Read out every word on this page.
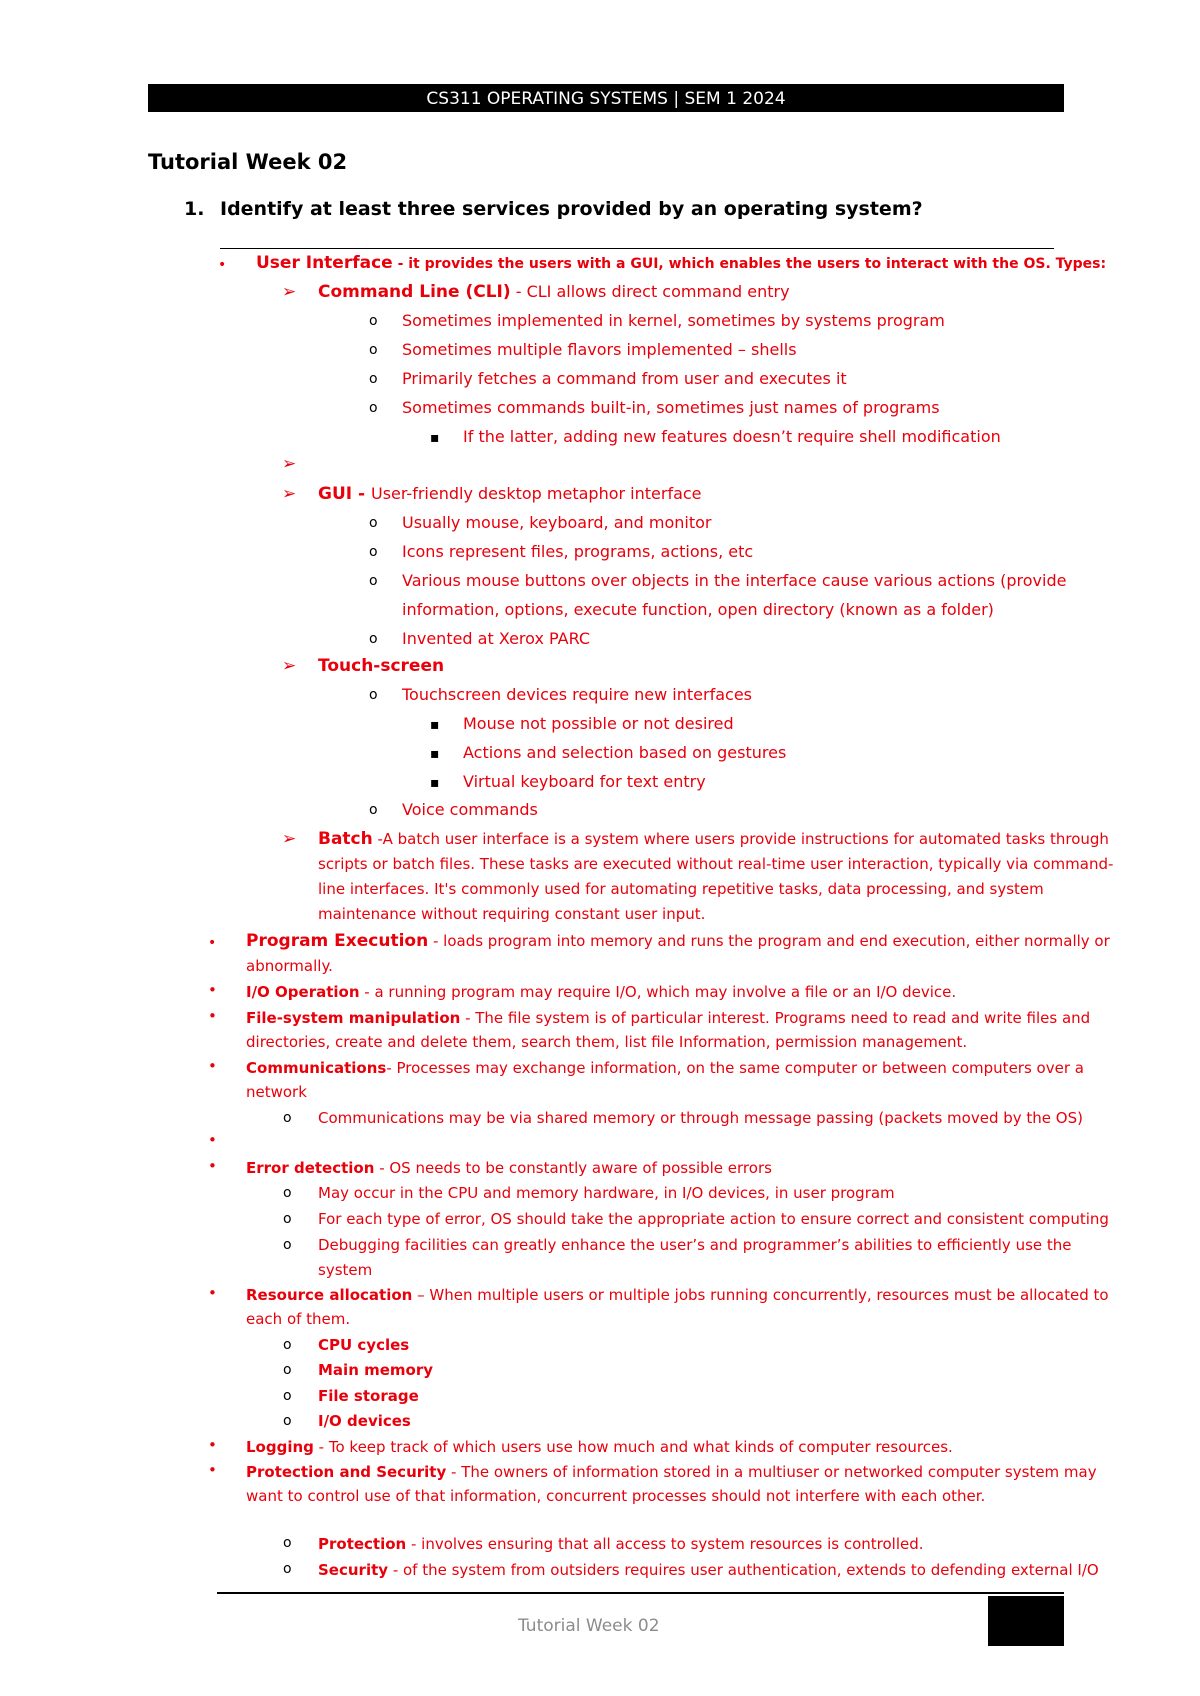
CS311 OPERATING SYSTEMS | SEM 1 2024
Tutorial Week 02
1. Identify at least three services provided by an operating system?
• User Interface - it provides the users with a GUI, which enables the users to interact with the OS. Types:
➢ Command Line (CLI) - CLI allows direct command entry
o Sometimes implemented in kernel, sometimes by systems program
o Sometimes multiple flavors implemented – shells
o Primarily fetches a command from user and executes it
o Sometimes commands built-in, sometimes just names of programs
▪ If the latter, adding new features doesn’t require shell modification
➢
➢ GUI - User-friendly desktop metaphor interface
o Usually mouse, keyboard, and monitor
o Icons represent files, programs, actions, etc
o Various mouse buttons over objects in the interface cause various actions (provide
information, options, execute function, open directory (known as a folder)
o Invented at Xerox PARC
➢ Touch-screen
o Touchscreen devices require new interfaces
▪ Mouse not possible or not desired
▪ Actions and selection based on gestures
▪ Virtual keyboard for text entry
o Voice commands
➢ Batch -A batch user interface is a system where users provide instructions for automated tasks through
scripts or batch files. These tasks are executed without real-time user interaction, typically via command-
line interfaces. It's commonly used for automating repetitive tasks, data processing, and system
maintenance without requiring constant user input.
• Program Execution - loads program into memory and runs the program and end execution, either normally or
abnormally.
• I/O Operation - a running program may require I/O, which may involve a file or an I/O device.
• File-system manipulation - The file system is of particular interest. Programs need to read and write files and
directories, create and delete them, search them, list file Information, permission management.
• Communications- Processes may exchange information, on the same computer or between computers over a
network
o Communications may be via shared memory or through message passing (packets moved by the OS)
•
• Error detection - OS needs to be constantly aware of possible errors
o May occur in the CPU and memory hardware, in I/O devices, in user program
o For each type of error, OS should take the appropriate action to ensure correct and consistent computing
o Debugging facilities can greatly enhance the user’s and programmer’s abilities to efficiently use the
system
• Resource allocation – When multiple users or multiple jobs running concurrently, resources must be allocated to
each of them.
o CPU cycles
o Main memory
o File storage
o I/O devices
• Logging - To keep track of which users use how much and what kinds of computer resources.
• Protection and Security - The owners of information stored in a multiuser or networked computer system may
want to control use of that information, concurrent processes should not interfere with each other.
o Protection - involves ensuring that all access to system resources is controlled.
o Security - of the system from outsiders requires user authentication, extends to defending external I/O
Tutorial Week 02
